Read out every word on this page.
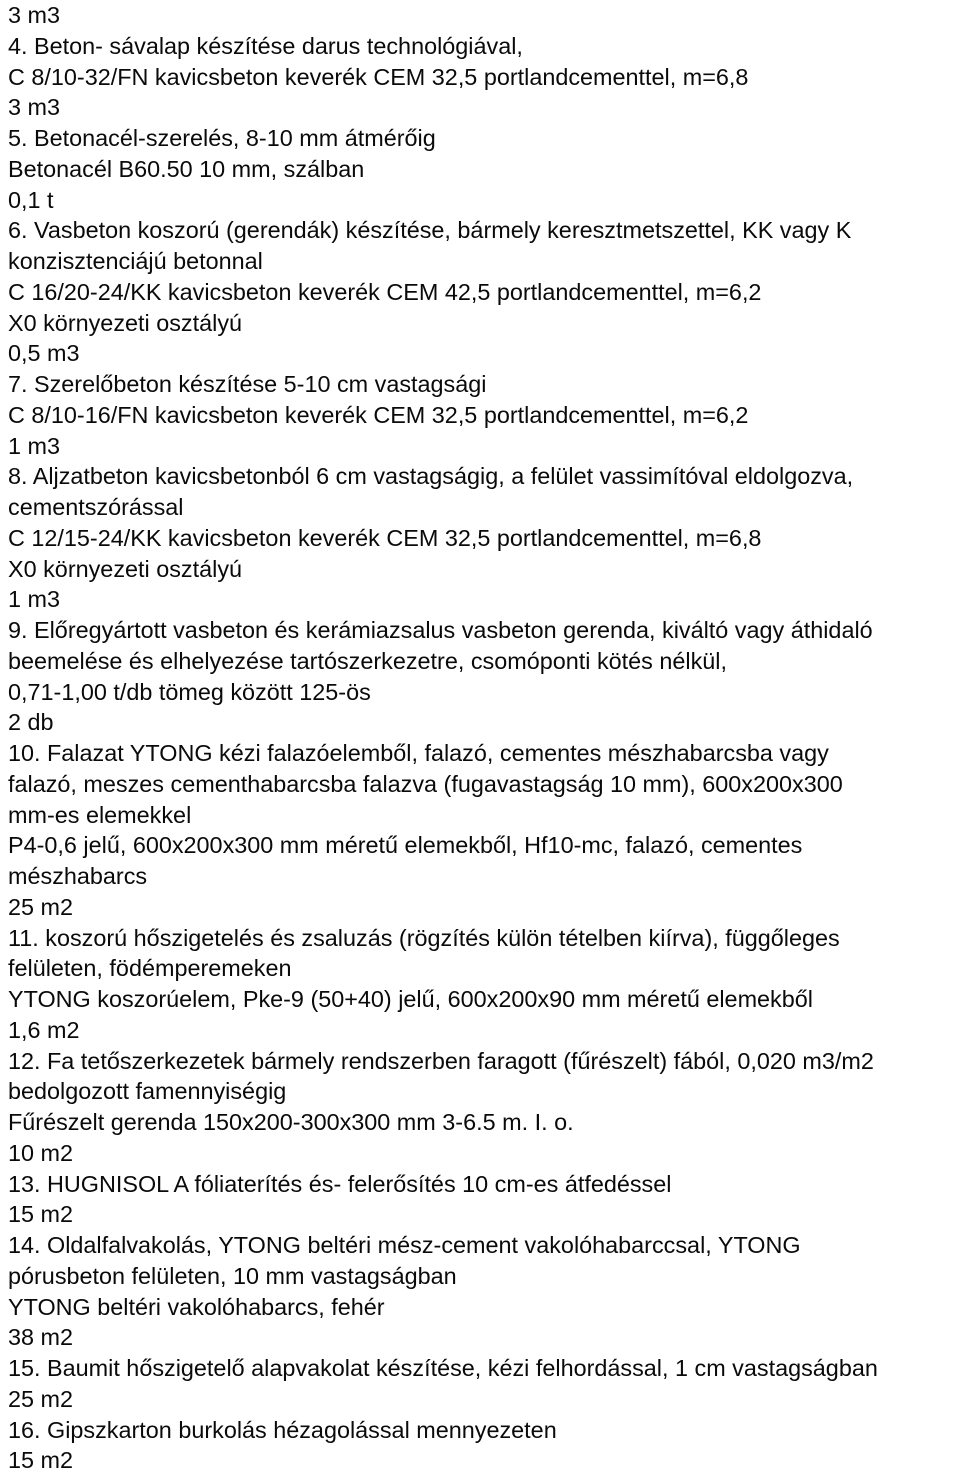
3 m3
4. Beton- sávalap készítése darus technológiával,
C 8/10-32/FN kavicsbeton keverék CEM 32,5 portlandcementtel, m=6,8
3 m3
5. Betonacél-szerelés, 8-10 mm átmérőig
Betonacél B60.50 10 mm, szálban
0,1 t
6. Vasbeton koszorú (gerendák) készítése, bármely keresztmetszettel, KK vagy K
konzisztenciájú betonnal
C 16/20-24/KK kavicsbeton keverék CEM 42,5 portlandcementtel, m=6,2
X0 környezeti osztályú
0,5 m3
7. Szerelőbeton készítése 5-10 cm vastagsági
C 8/10-16/FN kavicsbeton keverék CEM 32,5 portlandcementtel, m=6,2
1 m3
8. Aljzatbeton kavicsbetonból 6 cm vastagságig, a felület vassimítóval eldolgozva,
cementszórással
C 12/15-24/KK kavicsbeton keverék CEM 32,5 portlandcementtel, m=6,8
X0 környezeti osztályú
1 m3
9. Előregyártott vasbeton és kerámiazsalus vasbeton gerenda, kiváltó vagy áthidaló
beemelése és elhelyezése tartószerkezetre, csomóponti kötés nélkül,
0,71-1,00 t/db tömeg között 125-ös
2 db
10. Falazat YTONG kézi falazóelemből, falazó, cementes mészhabarcsba vagy
falazó, meszes cementhabarcsba falazva (fugavastagság 10 mm), 600x200x300
mm-es elemekkel
P4-0,6 jelű, 600x200x300 mm méretű elemekből, Hf10-mc, falazó, cementes
mészhabarcs
25 m2
11. koszorú hőszigetelés és zsaluzás (rögzítés külön tételben kiírva), függőleges
felületen, födémperemeken
YTONG koszorúelem, Pke-9 (50+40) jelű, 600x200x90 mm méretű elemekből
1,6 m2
12. Fa tetőszerkezetek bármely rendszerben faragott (fűrészelt) fából, 0,020 m3/m2
bedolgozott famennyiségig
Fűrészelt gerenda 150x200-300x300 mm 3-6.5 m. I. o.
10 m2
13. HUGNISOL A fóliaterítés és- felerősítés 10 cm-es átfedéssel
15 m2
14. Oldalfalvakolás, YTONG beltéri mész-cement vakolóhabarccsal, YTONG
pórusbeton felületen, 10 mm vastagságban
YTONG beltéri vakolóhabarcs, fehér
38 m2
15. Baumit hőszigetelő alapvakolat készítése, kézi felhordással, 1 cm vastagságban
25 m2
16. Gipszkarton burkolás hézagolással mennyezeten
15 m2
